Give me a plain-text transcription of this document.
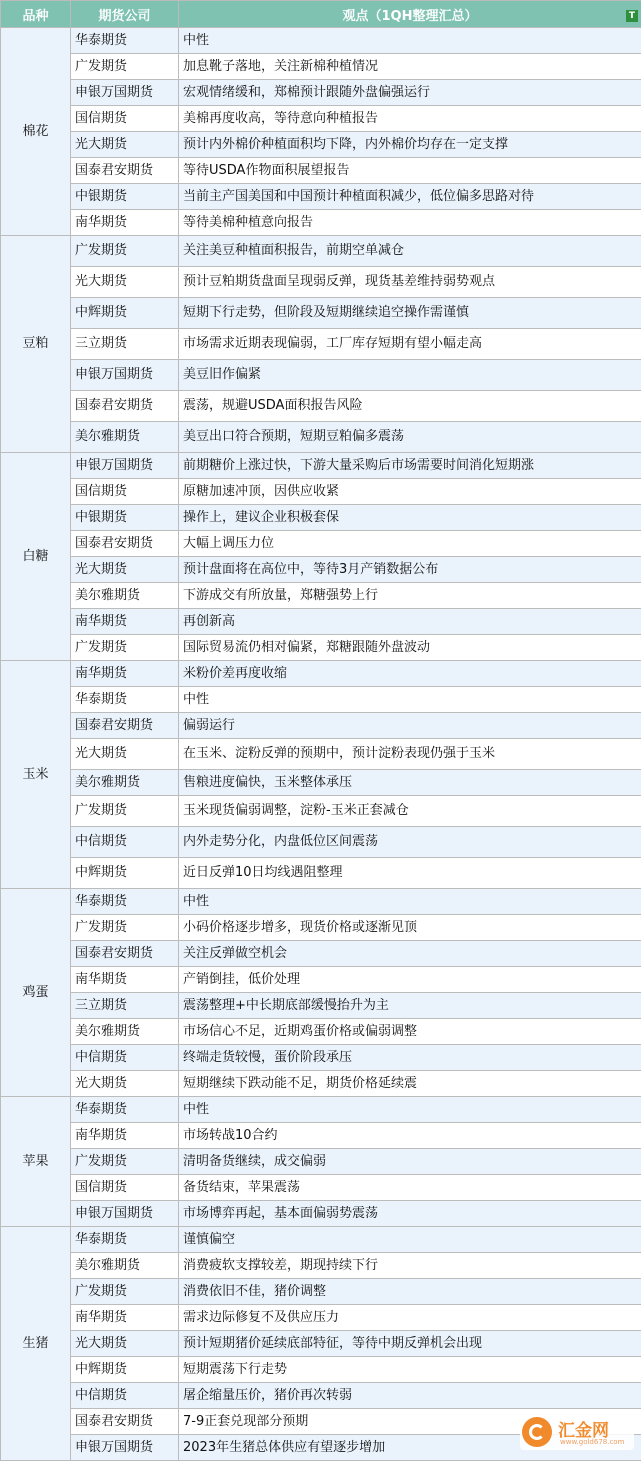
品种	期货公司	观点（1QH整理汇总） T

棉花	华泰期货	中性
	广发期货	加息靴子落地，关注新棉种植情况
	申银万国期货	宏观情绪缓和，郑棉预计跟随外盘偏强运行
	国信期货	美棉再度收高，等待意向种植报告
	光大期货	预计内外棉价种植面积均下降，内外棉价均存在一定支撑
	国泰君安期货	等待USDA作物面积展望报告
	中银期货	当前主产国美国和中国预计种植面积减少，低位偏多思路对待
	南华期货	等待美棉种植意向报告
豆粕	广发期货	关注美豆种植面积报告，前期空单减仓
	光大期货	预计豆粕期货盘面呈现弱反弹，现货基差维持弱势观点
	中辉期货	短期下行走势，但阶段及短期继续追空操作需谨慎
	三立期货	市场需求近期表现偏弱，工厂库存短期有望小幅走高
	申银万国期货	美豆旧作偏紧
	国泰君安期货	震荡，规避USDA面积报告风险
	美尔雅期货	美豆出口符合预期，短期豆粕偏多震荡
白糖	申银万国期货	前期糖价上涨过快，下游大量采购后市场需要时间消化短期涨
	国信期货	原糖加速冲顶，因供应收紧
	中银期货	操作上，建议企业积极套保
	国泰君安期货	大幅上调压力位
	光大期货	预计盘面将在高位中，等待3月产销数据公布
	美尔雅期货	下游成交有所放量，郑糖强势上行
	南华期货	再创新高
	广发期货	国际贸易流仍相对偏紧，郑糖跟随外盘波动
玉米	南华期货	米粉价差再度收缩
	华泰期货	中性
	国泰君安期货	偏弱运行
	光大期货	在玉米、淀粉反弹的预期中，预计淀粉表现仍强于玉米
	美尔雅期货	售粮进度偏快，玉米整体承压
	广发期货	玉米现货偏弱调整，淀粉-玉米正套减仓
	中信期货	内外走势分化，内盘低位区间震荡
	中辉期货	近日反弹10日均线遇阻整理
鸡蛋	华泰期货	中性
	广发期货	小码价格逐步增多，现货价格或逐渐见顶
	国泰君安期货	关注反弹做空机会
	南华期货	产销倒挂，低价处理
	三立期货	震荡整理+中长期底部缓慢抬升为主
	美尔雅期货	市场信心不足，近期鸡蛋价格或偏弱调整
	中信期货	终端走货较慢，蛋价阶段承压
	光大期货	短期继续下跌动能不足，期货价格延续震
苹果	华泰期货	中性
	南华期货	市场转战10合约
	广发期货	清明备货继续，成交偏弱
	国信期货	备货结束，苹果震荡
	申银万国期货	市场博弈再起，基本面偏弱势震荡
生猪	华泰期货	谨慎偏空
	美尔雅期货	消费疲软支撑较差，期现持续下行
	广发期货	消费依旧不佳，猪价调整
	南华期货	需求边际修复不及供应压力
	光大期货	预计短期猪价延续底部特征，等待中期反弹机会出现
	中辉期货	短期震荡下行走势
	中信期货	屠企缩量压价，猪价再次转弱
	国泰君安期货	7-9正套兑现部分预期
	申银万国期货	2023年生猪总体供应有望逐步增加
汇金网
www.gold678.com
